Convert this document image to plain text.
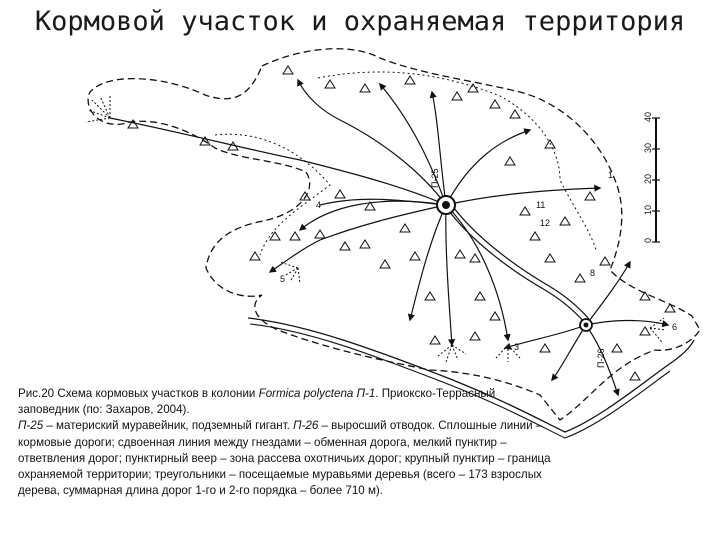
Кормовой участок и охраняемая территория
0
10
20
30
40
П-25
П-26
1
3
4
5
6
8
11
12

Рис.20 Схема кормовых участков в колонии Formica polyctena П-1. Приокско-Террасный заповедник (по: Захаров, 2004).

П-25 – материский муравейник, подземный гигант. П-26 – выросший отводок. Сплошные линии – кормовые дороги; сдвоенная линия между гнездами – обменная дорога, мелкий пунктир – ответвления дорог; пунктирный веер – зона рассева охотничьих дорог; крупный пунктир – граница охраняемой территории; треугольники – посещаемые муравьями деревья (всего – 173 взрослых дерева, суммарная длина дорог 1-го и 2-го порядка – более 710 м).
